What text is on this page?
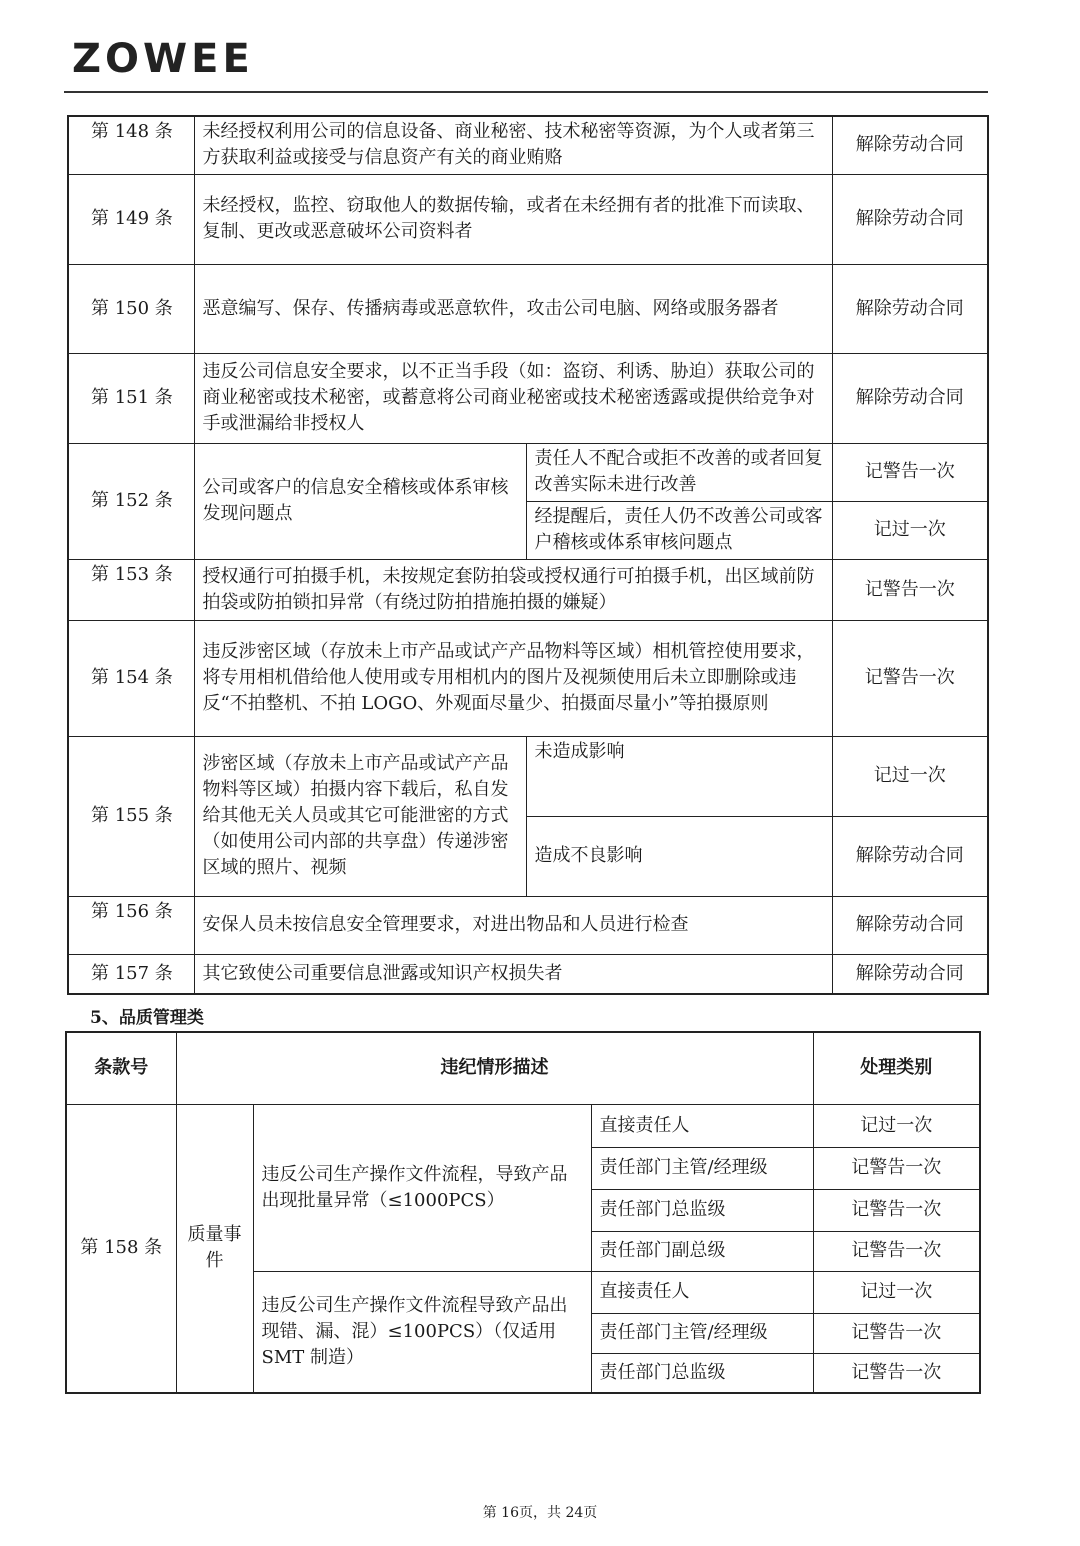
ZOWEE
第 148 条	未经授权利用公司的信息设备、商业秘密、技术秘密等资源，为个人或者第三方获取利益或接受与信息资产有关的商业贿赂		解除劳动合同
第 149 条	未经授权，监控、窃取他人的数据传输，或者在未经拥有者的批准下而读取、复制、更改或恶意破坏公司资料者		解除劳动合同
第 150 条	恶意编写、保存、传播病毒或恶意软件，攻击公司电脑、网络或服务器者		解除劳动合同
第 151 条	违反公司信息安全要求，以不正当手段（如：盗窃、利诱、胁迫）获取公司的商业秘密或技术秘密，或蓄意将公司商业秘密或技术秘密透露或提供给竞争对手或泄漏给非授权人		解除劳动合同
第 152 条	公司或客户的信息安全稽核或体系审核发现问题点	责任人不配合或拒不改善的或者回复改善实际未进行改善	记警告一次
		经提醒后，责任人仍不改善公司或客户稽核或体系审核问题点	记过一次
第 153 条	授权通行可拍摄手机，未按规定套防拍袋或授权通行可拍摄手机，出区域前防拍袋或防拍锁扣异常（有绕过防拍措施拍摄的嫌疑）		记警告一次
第 154 条	违反涉密区域（存放未上市产品或试产产品物料等区域）相机管控使用要求，将专用相机借给他人使用或专用相机内的图片及视频使用后未立即删除或违反“不拍整机、不拍 LOGO、外观面尽量少、拍摄面尽量小”等拍摄原则		记警告一次
第 155 条	涉密区域（存放未上市产品或试产产品物料等区域）拍摄内容下载后，私自发给其他无关人员或其它可能泄密的方式（如使用公司内部的共享盘）传递涉密区域的照片、视频	未造成影响	记过一次
		造成不良影响	解除劳动合同
第 156 条	安保人员未按信息安全管理要求，对进出物品和人员进行检查		解除劳动合同
第 157 条	其它致使公司重要信息泄露或知识产权损失者		解除劳动合同
5、品质管理类
条款号	违纪情形描述			处理类别
第 158 条	质量事件	违反公司生产操作文件流程，导致产品出现批量异常（≤1000PCS）	直接责任人	记过一次
			责任部门主管/经理级	记警告一次
			责任部门总监级	记警告一次
			责任部门副总级	记警告一次
		违反公司生产操作文件流程导致产品出现错、漏、混）≤100PCS）（仅适用 SMT 制造）	直接责任人	记过一次
			责任部门主管/经理级	记警告一次
			责任部门总监级	记警告一次
第 16页，共 24页
